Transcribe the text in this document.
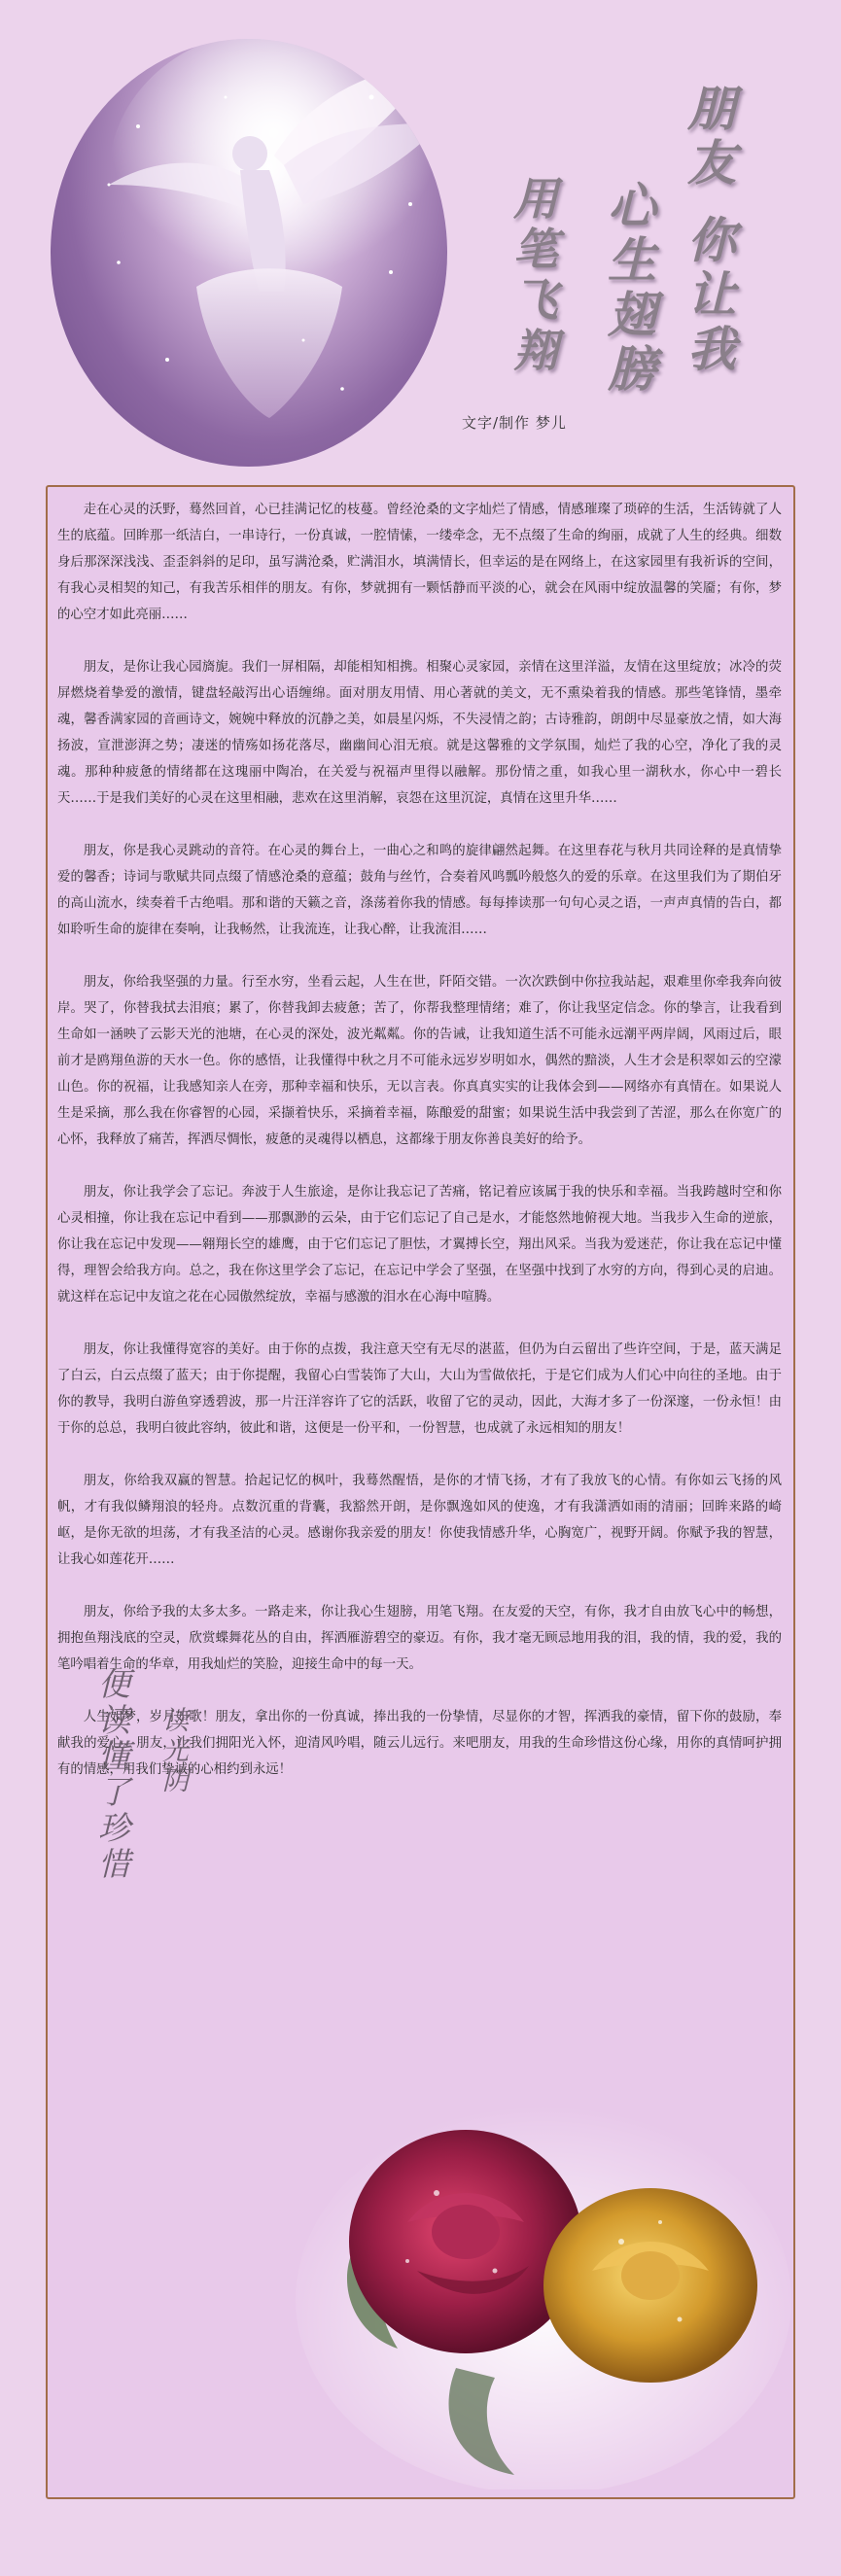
朋友 你让我
心生翅膀
用笔飞翔
文字/制作 梦儿

走在心灵的沃野，蓦然回首，心已挂满记忆的枝蔓。曾经沧桑的文字灿烂了情感，情感璀璨了琐碎的生活，生活铸就了人生的底蕴。回眸那一纸洁白，一串诗行，一份真诚，一腔情愫，一缕牵念，无不点缀了生命的绚丽，成就了人生的经典。细数身后那深深浅浅、歪歪斜斜的足印，虽写满沧桑，贮满泪水，填满情长，但幸运的是在网络上，在这家园里有我祈诉的空间，有我心灵相契的知己，有我苦乐相伴的朋友。有你，梦就拥有一颗恬静而平淡的心，就会在风雨中绽放温馨的笑靥；有你，梦的心空才如此亮丽……

朋友，是你让我心园旖旎。我们一屏相隔，却能相知相携。相聚心灵家园，亲情在这里洋溢，友情在这里绽放；冰冷的荧屏燃烧着挚爱的激情，键盘轻敲泻出心语缠绵。面对朋友用情、用心著就的美文，无不熏染着我的情感。那些笔锋情，墨牵魂，馨香满家园的音画诗文，婉婉中释放的沉静之美，如晨星闪烁，不失浸情之韵；古诗雅韵，朗朗中尽显豪放之情，如大海扬波，宣泄澎湃之势；凄迷的情殇如扬花落尽，幽幽间心泪无痕。就是这馨雅的文学氛围，灿烂了我的心空，净化了我的灵魂。那种种疲惫的情绪都在这瑰丽中陶冶，在关爱与祝福声里得以融解。那份情之重，如我心里一湖秋水，你心中一碧长天……于是我们美好的心灵在这里相融，悲欢在这里消解，哀怨在这里沉淀，真情在这里升华……

朋友，你是我心灵跳动的音符。在心灵的舞台上，一曲心之和鸣的旋律翩然起舞。在这里春花与秋月共同诠释的是真情挚爱的馨香；诗词与歌赋共同点缀了情感沧桑的意蕴；鼓角与丝竹，合奏着风鸣瓢吟般悠久的爱的乐章。在这里我们为了期伯牙的高山流水，续奏着千古绝唱。那和谐的天籁之音，涤荡着你我的情感。每每捧读那一句句心灵之语，一声声真情的告白，都如聆听生命的旋律在奏响，让我畅然，让我流连，让我心醉，让我流泪……

朋友，你给我坚强的力量。行至水穷，坐看云起，人生在世，阡陌交错。一次次跌倒中你拉我站起，艰难里你牵我奔向彼岸。哭了，你替我拭去泪痕；累了，你替我卸去疲惫；苦了，你帮我整理情绪；难了，你让我坚定信念。你的挚言，让我看到生命如一涵映了云影天光的池塘，在心灵的深处，波光粼粼。你的告诫，让我知道生活不可能永远潮平两岸阔，风雨过后，眼前才是鸥翔鱼游的天水一色。你的感悟，让我懂得中秋之月不可能永远岁岁明如水，偶然的黯淡，人生才会是积翠如云的空濛山色。你的祝福，让我感知亲人在旁，那种幸福和快乐，无以言表。你真真实实的让我体会到——网络亦有真情在。如果说人生是采摘，那么我在你睿智的心园，采撷着快乐，采摘着幸福，陈酿爱的甜蜜；如果说生活中我尝到了苦涩，那么在你宽广的心怀，我释放了痛苦，挥洒尽惆怅，疲惫的灵魂得以栖息，这都缘于朋友你善良美好的给予。

朋友，你让我学会了忘记。奔波于人生旅途，是你让我忘记了苦痛，铭记着应该属于我的快乐和幸福。当我跨越时空和你心灵相撞，你让我在忘记中看到——那飘渺的云朵，由于它们忘记了自己是水，才能悠然地俯视大地。当我步入生命的逆旅，你让我在忘记中发现——翱翔长空的雄鹰，由于它们忘记了胆怯，才翼搏长空，翔出风采。当我为爱迷茫，你让我在忘记中懂得，理智会给我方向。总之，我在你这里学会了忘记，在忘记中学会了坚强，在坚强中找到了水穷的方向，得到心灵的启迪。就这样在忘记中友谊之花在心园傲然绽放，幸福与感激的泪水在心海中喧腾。

朋友，你让我懂得宽容的美好。由于你的点拨，我注意天空有无尽的湛蓝，但仍为白云留出了些许空间，于是，蓝天满足了白云，白云点缀了蓝天；由于你提醒，我留心白雪装饰了大山，大山为雪做依托，于是它们成为人们心中向往的圣地。由于你的教导，我明白游鱼穿透碧波，那一片汪洋容许了它的活跃，收留了它的灵动，因此，大海才多了一份深邃，一份永恒！由于你的总总，我明白彼此容纳，彼此和谐，这便是一份平和，一份智慧，也成就了永远相知的朋友！

朋友，你给我双赢的智慧。拾起记忆的枫叶，我蓦然醒悟，是你的才情飞扬，才有了我放飞的心情。有你如云飞扬的风帆，才有我似鳞翔浪的轻舟。点数沉重的背囊，我豁然开朗，是你飘逸如风的使逸，才有我潇洒如雨的清丽；回眸来路的崎岖，是你无欲的坦荡，才有我圣洁的心灵。感谢你我亲爱的朋友！你使我情感升华，心胸宽广，视野开阔。你赋予我的智慧，让我心如莲花开……

朋友，你给予我的太多太多。一路走来，你让我心生翅膀，用笔飞翔。在友爱的天空，有你，我才自由放飞心中的畅想，拥抱鱼翔浅底的空灵，欣赏蝶舞花丛的自由，挥洒雁游碧空的豪迈。有你，我才毫无顾忌地用我的泪，我的情，我的爱，我的笔吟唱着生命的华章，用我灿烂的笑脸，迎接生命中的每一天。

人生如梦，岁月如歌！朋友，拿出你的一份真诚，捧出我的一份挚情，尽显你的才智，挥洒我的豪情，留下你的鼓励，奉献我的爱心。朋友，让我们拥阳光入怀，迎清风吟唱，随云儿远行。来吧朋友，用我的生命珍惜这份心缘，用你的真情呵护拥有的情感，用我们挚诚的心相约到永远！

便读懂了珍惜 读光阴
